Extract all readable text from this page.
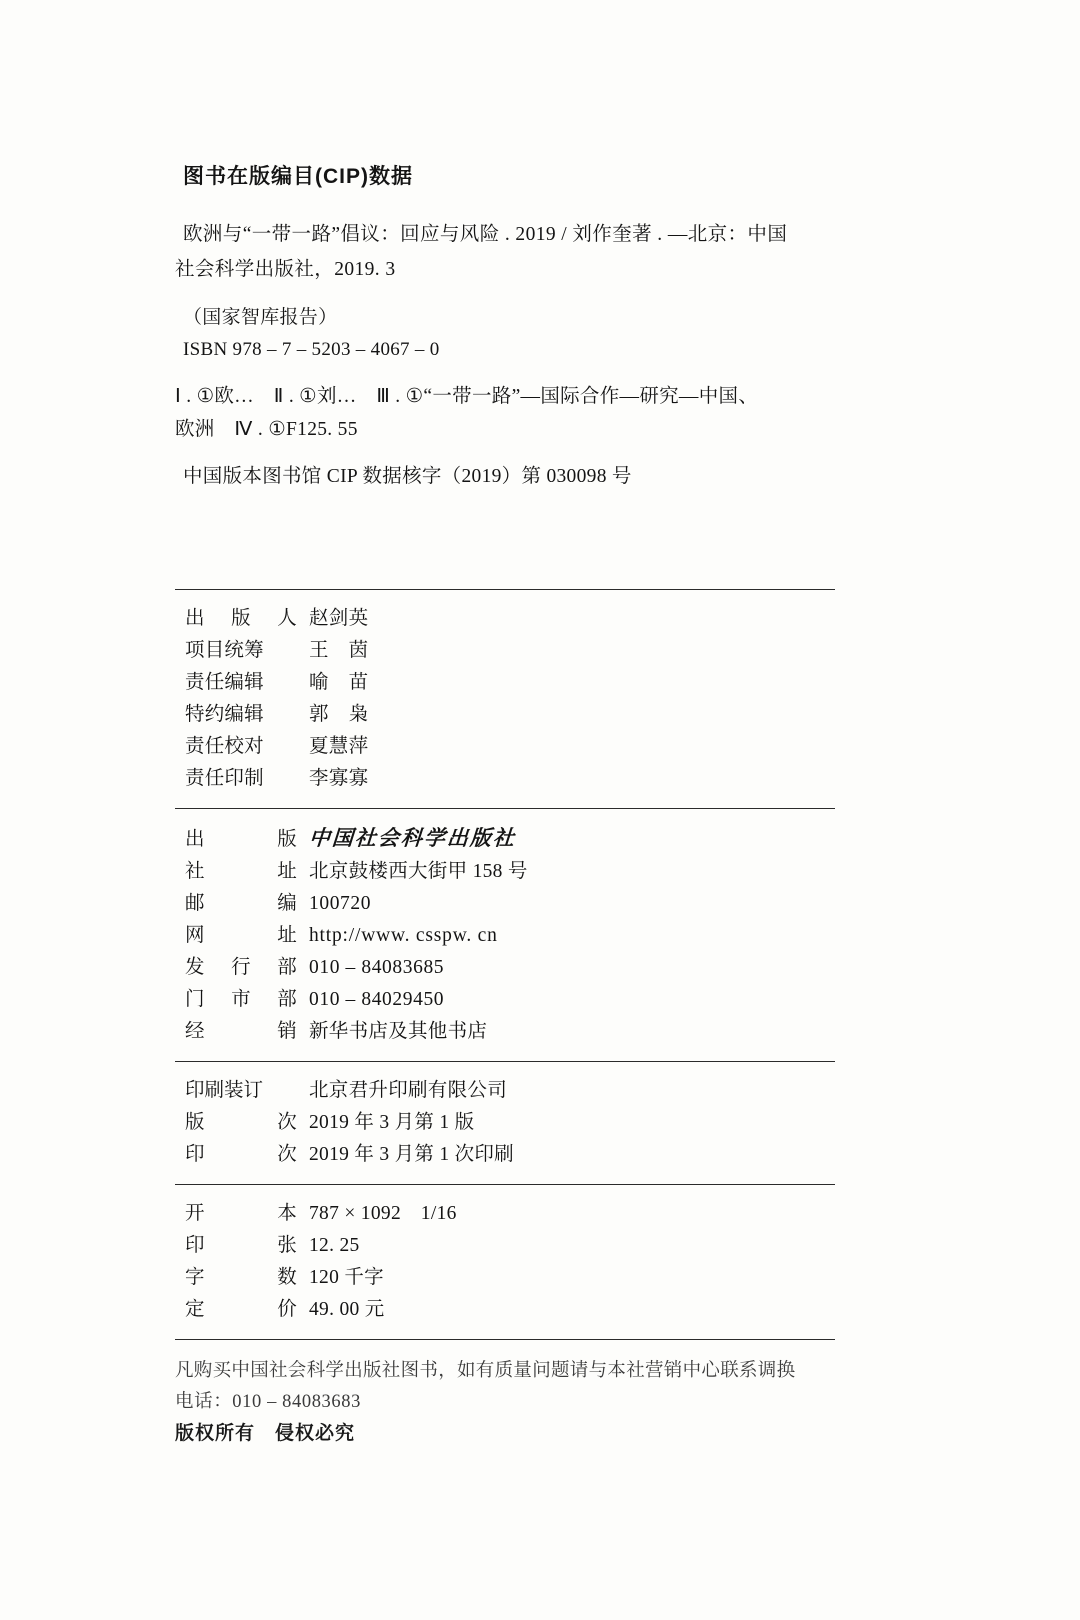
图书在版编目(CIP)数据
欧洲与“一带一路”倡议：回应与风险 . 2019 / 刘作奎著 . —北京：中国
社会科学出版社，2019. 3
（国家智库报告）
ISBN 978 – 7 – 5203 – 4067 – 0
Ⅰ . ①欧…　Ⅱ . ①刘…　Ⅲ . ①“一带一路”—国际合作—研究—中国、
欧洲　Ⅳ . ①F125. 55
中国版本图书馆 CIP 数据核字（2019）第 030098 号
出 版 人 赵剑英
项目统筹	王　茵
责任编辑	喻　苗
特约编辑	郭　枭
责任校对	夏慧萍
责任印制	李寡寡
出	版 中国社会科学出版社
社	址 北京鼓楼西大街甲 158 号
邮	编 100720
网	址 http://www. csspw. cn
发 行 部 010 – 84083685
门 市 部 010 – 84029450
经	销 新华书店及其他书店
印刷装订	北京君升印刷有限公司
版	次 2019 年 3 月第 1 版
印	次 2019 年 3 月第 1 次印刷
开	本 787 × 1092　1/16
印	张 12. 25
字	数 120 千字
定	价 49. 00 元
凡购买中国社会科学出版社图书，如有质量问题请与本社营销中心联系调换
电话：010 – 84083683
版权所有　侵权必究
